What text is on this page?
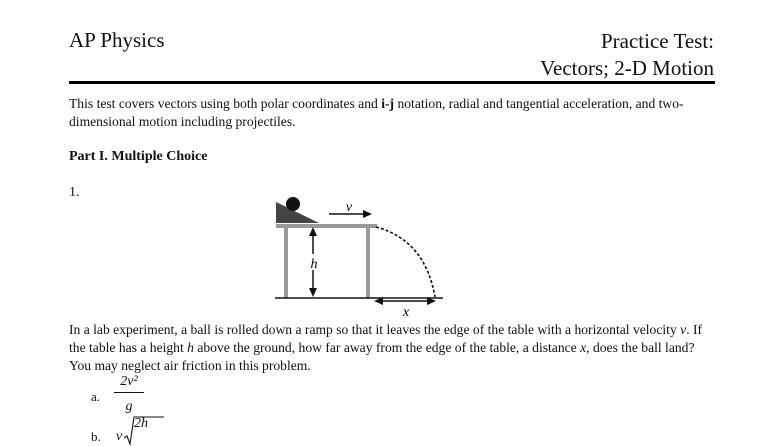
AP Physics	Practice Test:
Vectors; 2-D Motion
This test covers vectors using both polar coordinates and i-j notation, radial and tangential acceleration, and two-dimensional motion including projectiles.
Part I. Multiple Choice
1.
v
h
x
In a lab experiment, a ball is rolled down a ramp so that it leaves the edge of the table with a horizontal velocity v. If the table has a height h above the ground, how far away from the edge of the table, a distance x, does the ball land? You may neglect air friction in this problem.
a. $\frac{\text{2v²}}{g}$
b. v
2h
